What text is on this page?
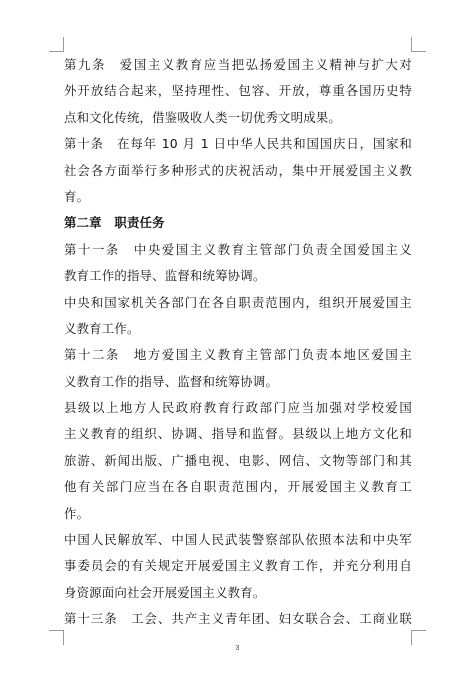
第九条　爱国主义教育应当把弘扬爱国主义精神与扩大对
外开放结合起来，坚持理性、包容、开放，尊重各国历史特
点和文化传统，借鉴吸收人类一切优秀文明成果。
第十条　在每年 10 月 1 日中华人民共和国国庆日，国家和
社会各方面举行多种形式的庆祝活动，集中开展爱国主义教
育。
第二章　职责任务
第十一条　中央爱国主义教育主管部门负责全国爱国主义
教育工作的指导、监督和统筹协调。
中央和国家机关各部门在各自职责范围内，组织开展爱国主
义教育工作。
第十二条　地方爱国主义教育主管部门负责本地区爱国主
义教育工作的指导、监督和统筹协调。
县级以上地方人民政府教育行政部门应当加强对学校爱国
主义教育的组织、协调、指导和监督。县级以上地方文化和
旅游、新闻出版、广播电视、电影、网信、文物等部门和其
他有关部门应当在各自职责范围内，开展爱国主义教育工
作。
中国人民解放军、中国人民武装警察部队依照本法和中央军
事委员会的有关规定开展爱国主义教育工作，并充分利用自
身资源面向社会开展爱国主义教育。
第十三条　工会、共产主义青年团、妇女联合会、工商业联
3
